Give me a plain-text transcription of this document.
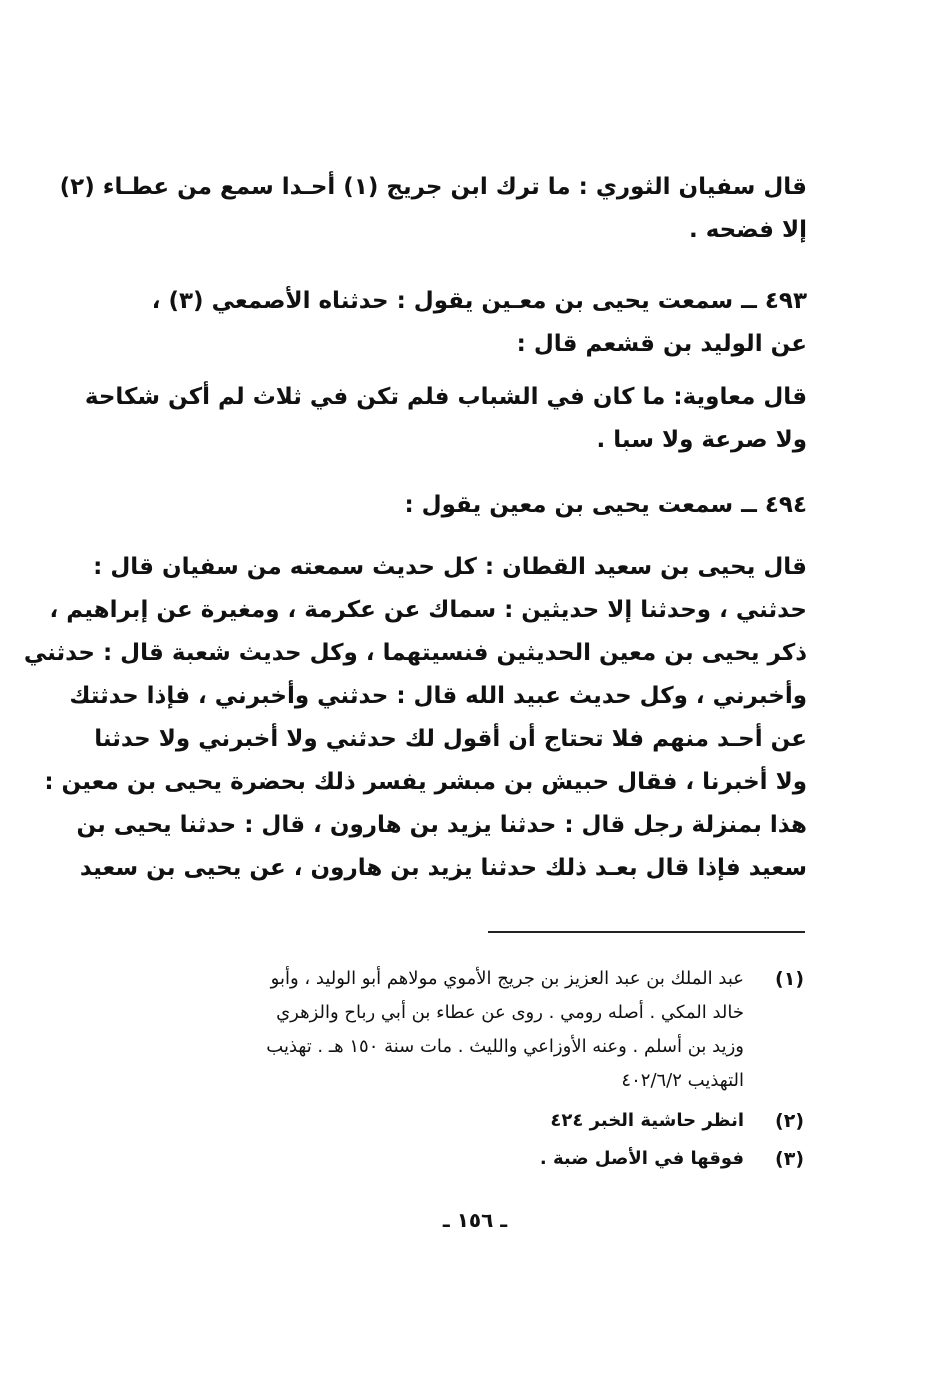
قال سفيان الثوري : ما ترك ابن جريج (١) أحـدا سمع من عطـاء (٢)
إلا فضحه .
٤٩٣ ــ سمعت يحيى بن معـين يقول : حدثناه الأصمعي (٣) ،
عن الوليد بن قشعم قال :
قال معاوية: ما كان في الشباب فلم تكن في ثلاث لم أكن شكاحة
ولا صرعة ولا سبا .
٤٩٤ ــ سمعت يحيى بن معين يقول :
قال يحيى بن سعيد القطان : كل حديث سمعته من سفيان قال :
حدثني ، وحدثنا إلا حديثين : سماك عن عكرمة ، ومغيرة عن إبراهيم ،
ذكر يحيى بن معين الحديثين فنسيتهما ، وكل حديث شعبة قال : حدثني
وأخبرني ، وكل حديث عبيد الله قال : حدثني وأخبرني ، فإذا حدثتك
عن أحـد منهم فلا تحتاج أن أقول لك حدثني ولا أخبرني ولا حدثنا
ولا أخبرنا ، فقال حبيش بن مبشر يفسر ذلك بحضرة يحيى بن معين :
هذا بمنزلة رجل قال : حدثنا يزيد بن هارون ، قال : حدثنا يحيى بن
سعيد فإذا قال بعـد ذلك حدثنا يزيد بن هارون ، عن يحيى بن سعيد
(١)
عبد الملك بن عبد العزيز بن جريج الأموي مولاهم أبو الوليد ، وأبو
خالد المكي . أصله رومي . روى عن عطاء بن أبي رباح والزهري
وزيد بن أسلم . وعنه الأوزاعي والليث . مات سنة ١٥٠ هـ . تهذيب
التهذيب ٦/٢‏/٤٠٢
(٢)
انظر حاشية الخبر ٤٢٤
(٣)
فوقها في الأصل ضبة .
ـ ١٥٦ ـ
